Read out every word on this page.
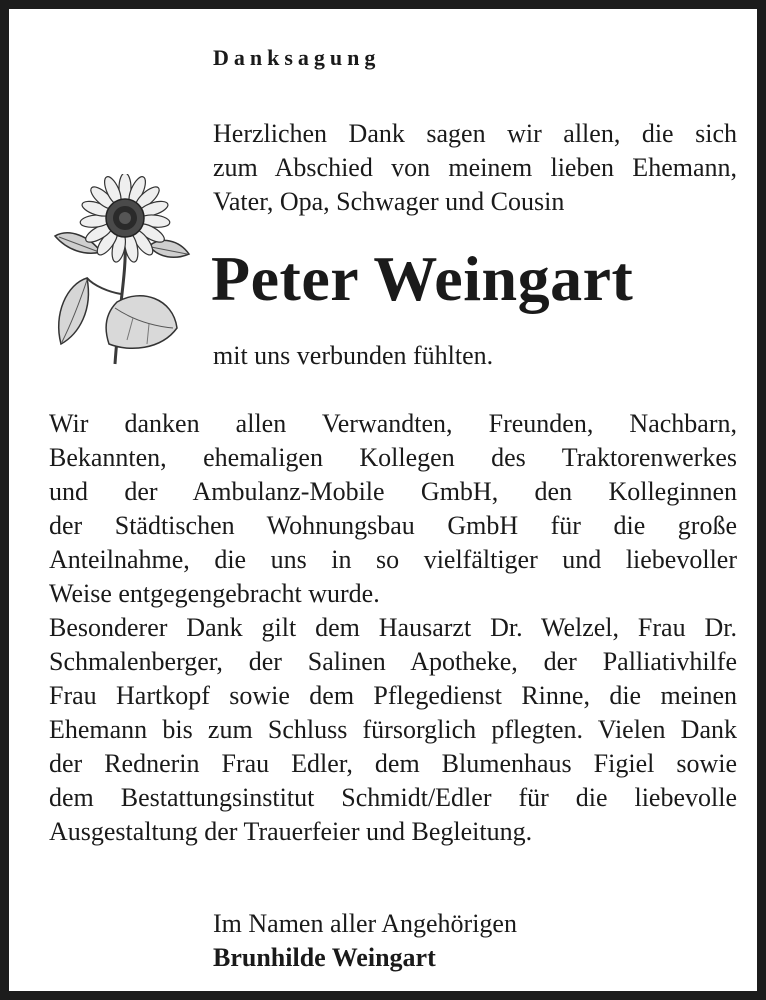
Danksagung

Herzlichen Dank sagen wir allen, die sich
zum Abschied von meinem lieben Ehemann,
Vater, Opa, Schwager und Cousin

Peter Weingart

mit uns verbunden fühlten.

Wir danken allen Verwandten, Freunden, Nachbarn,
Bekannten, ehemaligen Kollegen des Traktorenwerkes
und der Ambulanz-Mobile GmbH, den Kolleginnen
der Städtischen Wohnungsbau GmbH für die große
Anteilnahme, die uns in so vielfältiger und liebevoller
Weise entgegengebracht wurde.
Besonderer Dank gilt dem Hausarzt Dr. Welzel, Frau Dr.
Schmalenberger, der Salinen Apotheke, der Palliativhilfe
Frau Hartkopf sowie dem Pflegedienst Rinne, die meinen
Ehemann bis zum Schluss fürsorglich pflegten. Vielen Dank
der Rednerin Frau Edler, dem Blumenhaus Figiel sowie
dem Bestattungsinstitut Schmidt/Edler für die liebevolle
Ausgestaltung der Trauerfeier und Begleitung.

Im Namen aller Angehörigen

Brunhilde Weingart
